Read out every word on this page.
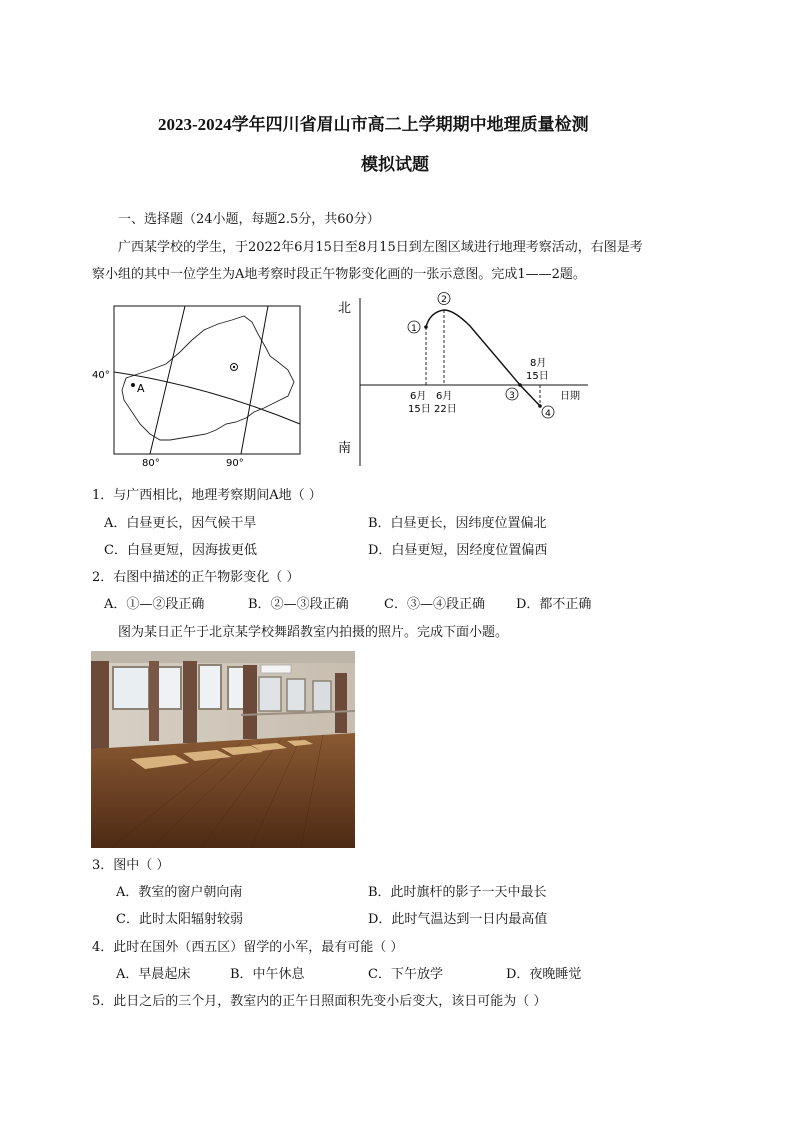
2023-2024学年四川省眉山市高二上学期期中地理质量检测
模拟试题
一、选择题（24小题，每题2.5分，共60分）
广西某学校的学生，于2022年6月15日至8月15日到左图区域进行地理考察活动，右图是考
察小组的其中一位学生为A地考察时段正午物影变化画的一张示意图。完成1——2题。
A
40°
80°	90°
北
南
日期
1
2
3
4
6月
15日
6月
22日
8月
15日
1．与广西相比，地理考察期间A地（ ）
A．白昼更长，因气候干旱	B．白昼更长，因纬度位置偏北
C．白昼更短，因海拔更低	D．白昼更短，因经度位置偏西
2．右图中描述的正午物影变化（ ）
A．①—②段正确	B．②—③段正确	C．③—④段正确 D．都不正确
图为某日正午于北京某学校舞蹈教室内拍摄的照片。完成下面小题。
3．图中（ ）
A．教室的窗户朝向南	B．此时旗杆的影子一天中最长
C．此时太阳辐射较弱	D．此时气温达到一日内最高值
4．此时在国外（西五区）留学的小军，最有可能（ ）
A．早晨起床	B．中午休息	C．下午放学	D．夜晚睡觉
5．此日之后的三个月，教室内的正午日照面积先变小后变大，该日可能为（ ）
